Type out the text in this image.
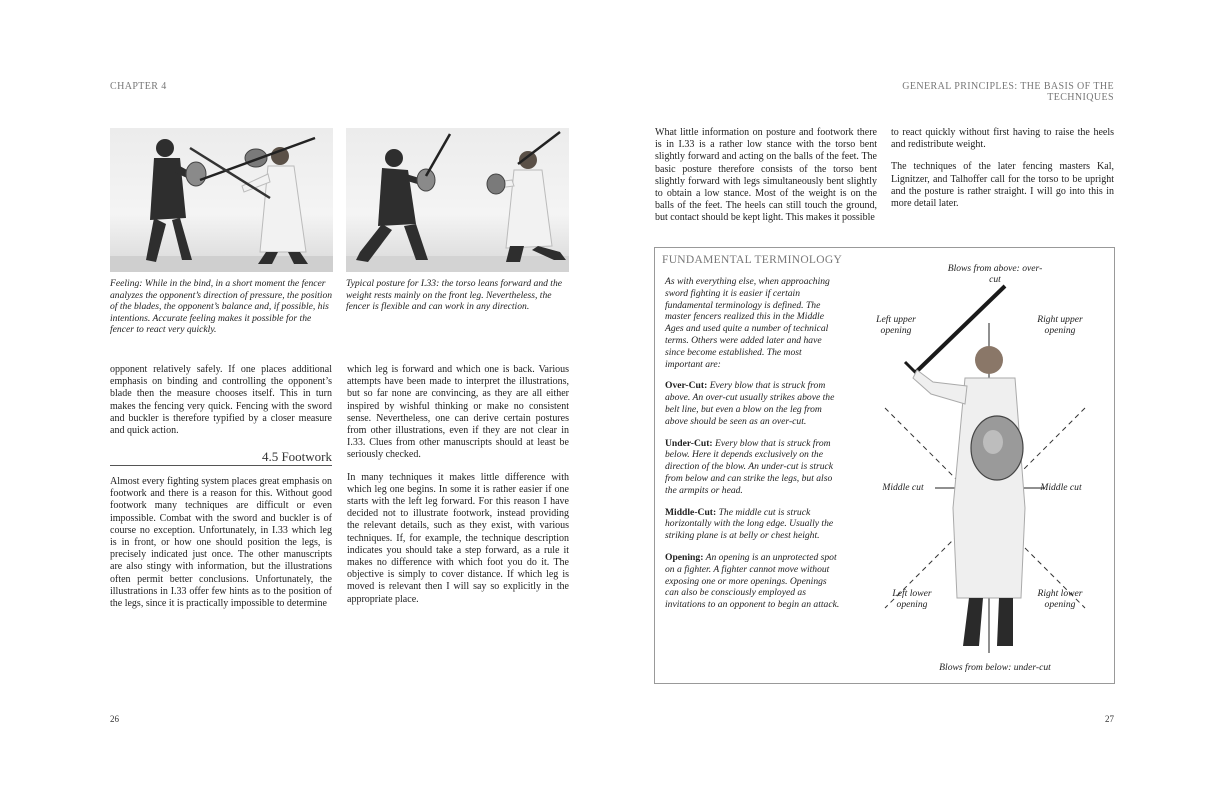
CHAPTER 4
Feeling: While in the bind, in a short moment the fencer analyzes the opponent’s direction of pressure, the position of the blades, the opponent’s balance and, if possible, his intentions. Accurate feeling makes it possible for the fencer to react very quickly.
Typical posture for I.33: the torso leans forward and the weight rests mainly on the front leg. Nevertheless, the fencer is flexible and can work in any direction.

opponent relatively safely. If one places additional emphasis on binding and controlling the opponent’s blade then the measure chooses itself. This in turn makes the fencing very quick. Fencing with the sword and buckler is therefore typified by a closer measure and quick action.

4.5 Footwork

Almost every fighting system places great emphasis on footwork and there is a reason for this. Without good footwork many techniques are difficult or even impossible. Combat with the sword and buckler is of course no exception. Unfortunately, in I.33 which leg is in front, or how one should position the legs, is precisely indicated just once. The other manuscripts are also stingy with information, but the illustrations often permit better conclusions. Unfortunately, the illustrations in I.33 offer few hints as to the position of the legs, since it is practically impossible to determine

which leg is forward and which one is back. Various attempts have been made to interpret the illustrations, but so far none are convincing, as they are all either inspired by wishful thinking or make no consistent sense. Nevertheless, one can derive certain postures from other illustrations, even if they are not clear in I.33. Clues from other manuscripts should at least be seriously checked.

In many techniques it makes little difference with which leg one begins. In some it is rather easier if one starts with the left leg forward. For this reason I have decided not to illustrate footwork, instead providing the relevant details, such as they exist, with various techniques. If, for example, the technique description indicates you should take a step forward, as a rule it makes no difference with which foot you do it. The objective is simply to cover distance. If which leg is moved is relevant then I will say so explicitly in the appropriate place.

26
GENERAL PRINCIPLES: THE BASIS OF THE TECHNIQUES

What little information on posture and footwork there is in I.33 is a rather low stance with the torso bent slightly forward and acting on the balls of the feet. The basic posture therefore consists of the torso bent slightly forward with legs simultaneously bent slightly to obtain a low stance. Most of the weight is on the balls of the feet. The heels can still touch the ground, but contact should be kept light. This makes it possible

to react quickly without first having to raise the heels and redistribute weight.

The techniques of the later fencing masters Kal, Lignitzer, and Talhoffer call for the torso to be upright and the posture is rather straight. I will go into this in more detail later.

FUNDAMENTAL TERMINOLOGY

As with everything else, when approaching sword fighting it is easier if certain fundamental terminology is defined. The master fencers realized this in the Middle Ages and used quite a number of technical terms. Others were added later and have since become established. The most important are:

Over-Cut: Every blow that is struck from above. An over-cut usually strikes above the belt line, but even a blow on the leg from above should be seen as an over-cut.

Under-Cut: Every blow that is struck from below. Here it depends exclusively on the direction of the blow. An under-cut is struck from below and can strike the legs, but also the armpits or head.

Middle-Cut: The middle cut is struck horizontally with the long edge. Usually the striking plane is at belly or chest height.

Opening: An opening is an unprotected spot on a fighter. A fighter cannot move without exposing one or more openings. Openings can also be consciously employed as invitations to an opponent to begin an attack.

Blows from above: over-cut
Left upper opening
Right upper opening
Middle cut	Middle cut
Left lower opening
Right lower opening
Blows from below: under-cut
27
